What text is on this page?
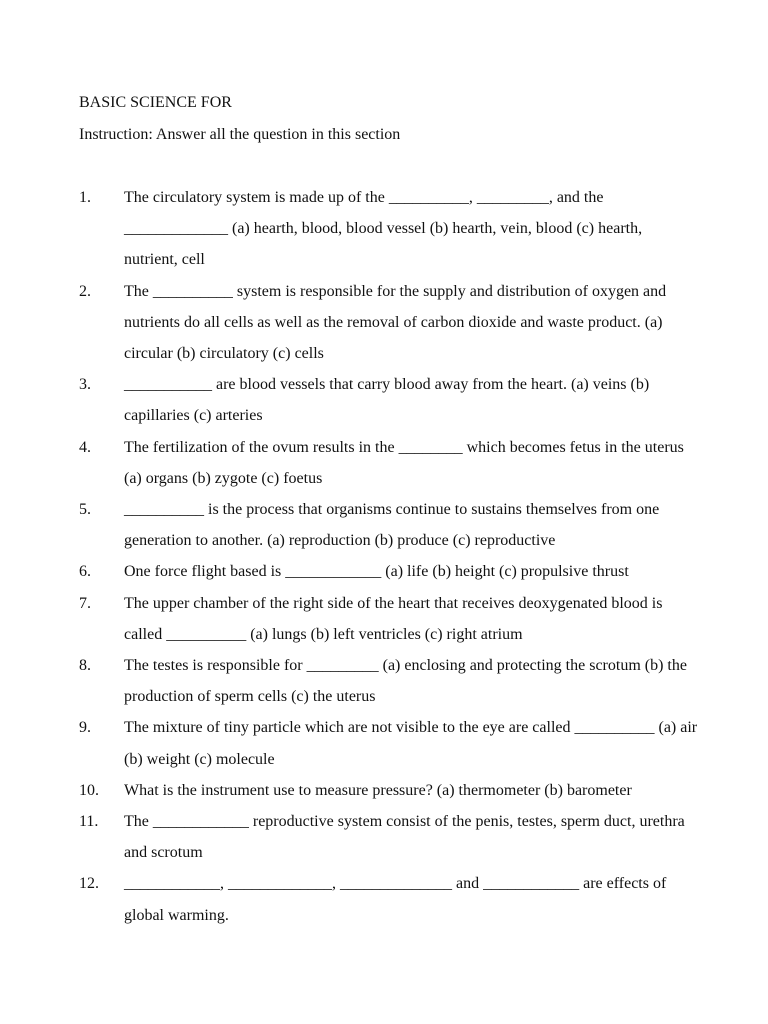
BASIC SCIENCE FOR
Instruction: Answer all the question in this section
1. The circulatory system is made up of the __________, _________, and the _____________ (a) hearth, blood, blood vessel (b) hearth, vein, blood (c) hearth, nutrient, cell
2. The __________ system is responsible for the supply and distribution of oxygen and nutrients do all cells as well as the removal of carbon dioxide and waste product. (a) circular (b) circulatory (c) cells
3. ___________ are blood vessels that carry blood away from the heart. (a) veins (b) capillaries (c) arteries
4. The fertilization of the ovum results in the ________ which becomes fetus in the uterus (a) organs (b) zygote (c) foetus
5. __________ is the process that organisms continue to sustains themselves from one generation to another. (a) reproduction (b) produce (c) reproductive
6. One force flight based is ____________ (a) life (b) height (c) propulsive thrust
7. The upper chamber of the right side of the heart that receives deoxygenated blood is called __________ (a) lungs (b) left ventricles (c) right atrium
8. The testes is responsible for _________ (a) enclosing and protecting the scrotum (b) the production of sperm cells (c) the uterus
9. The mixture of tiny particle which are not visible to the eye are called __________ (a) air (b) weight (c) molecule
10. What is the instrument use to measure pressure? (a) thermometer (b) barometer
11. The ____________ reproductive system consist of the penis, testes, sperm duct, urethra and scrotum
12. ____________, _____________, ______________ and ____________ are effects of global warming.
